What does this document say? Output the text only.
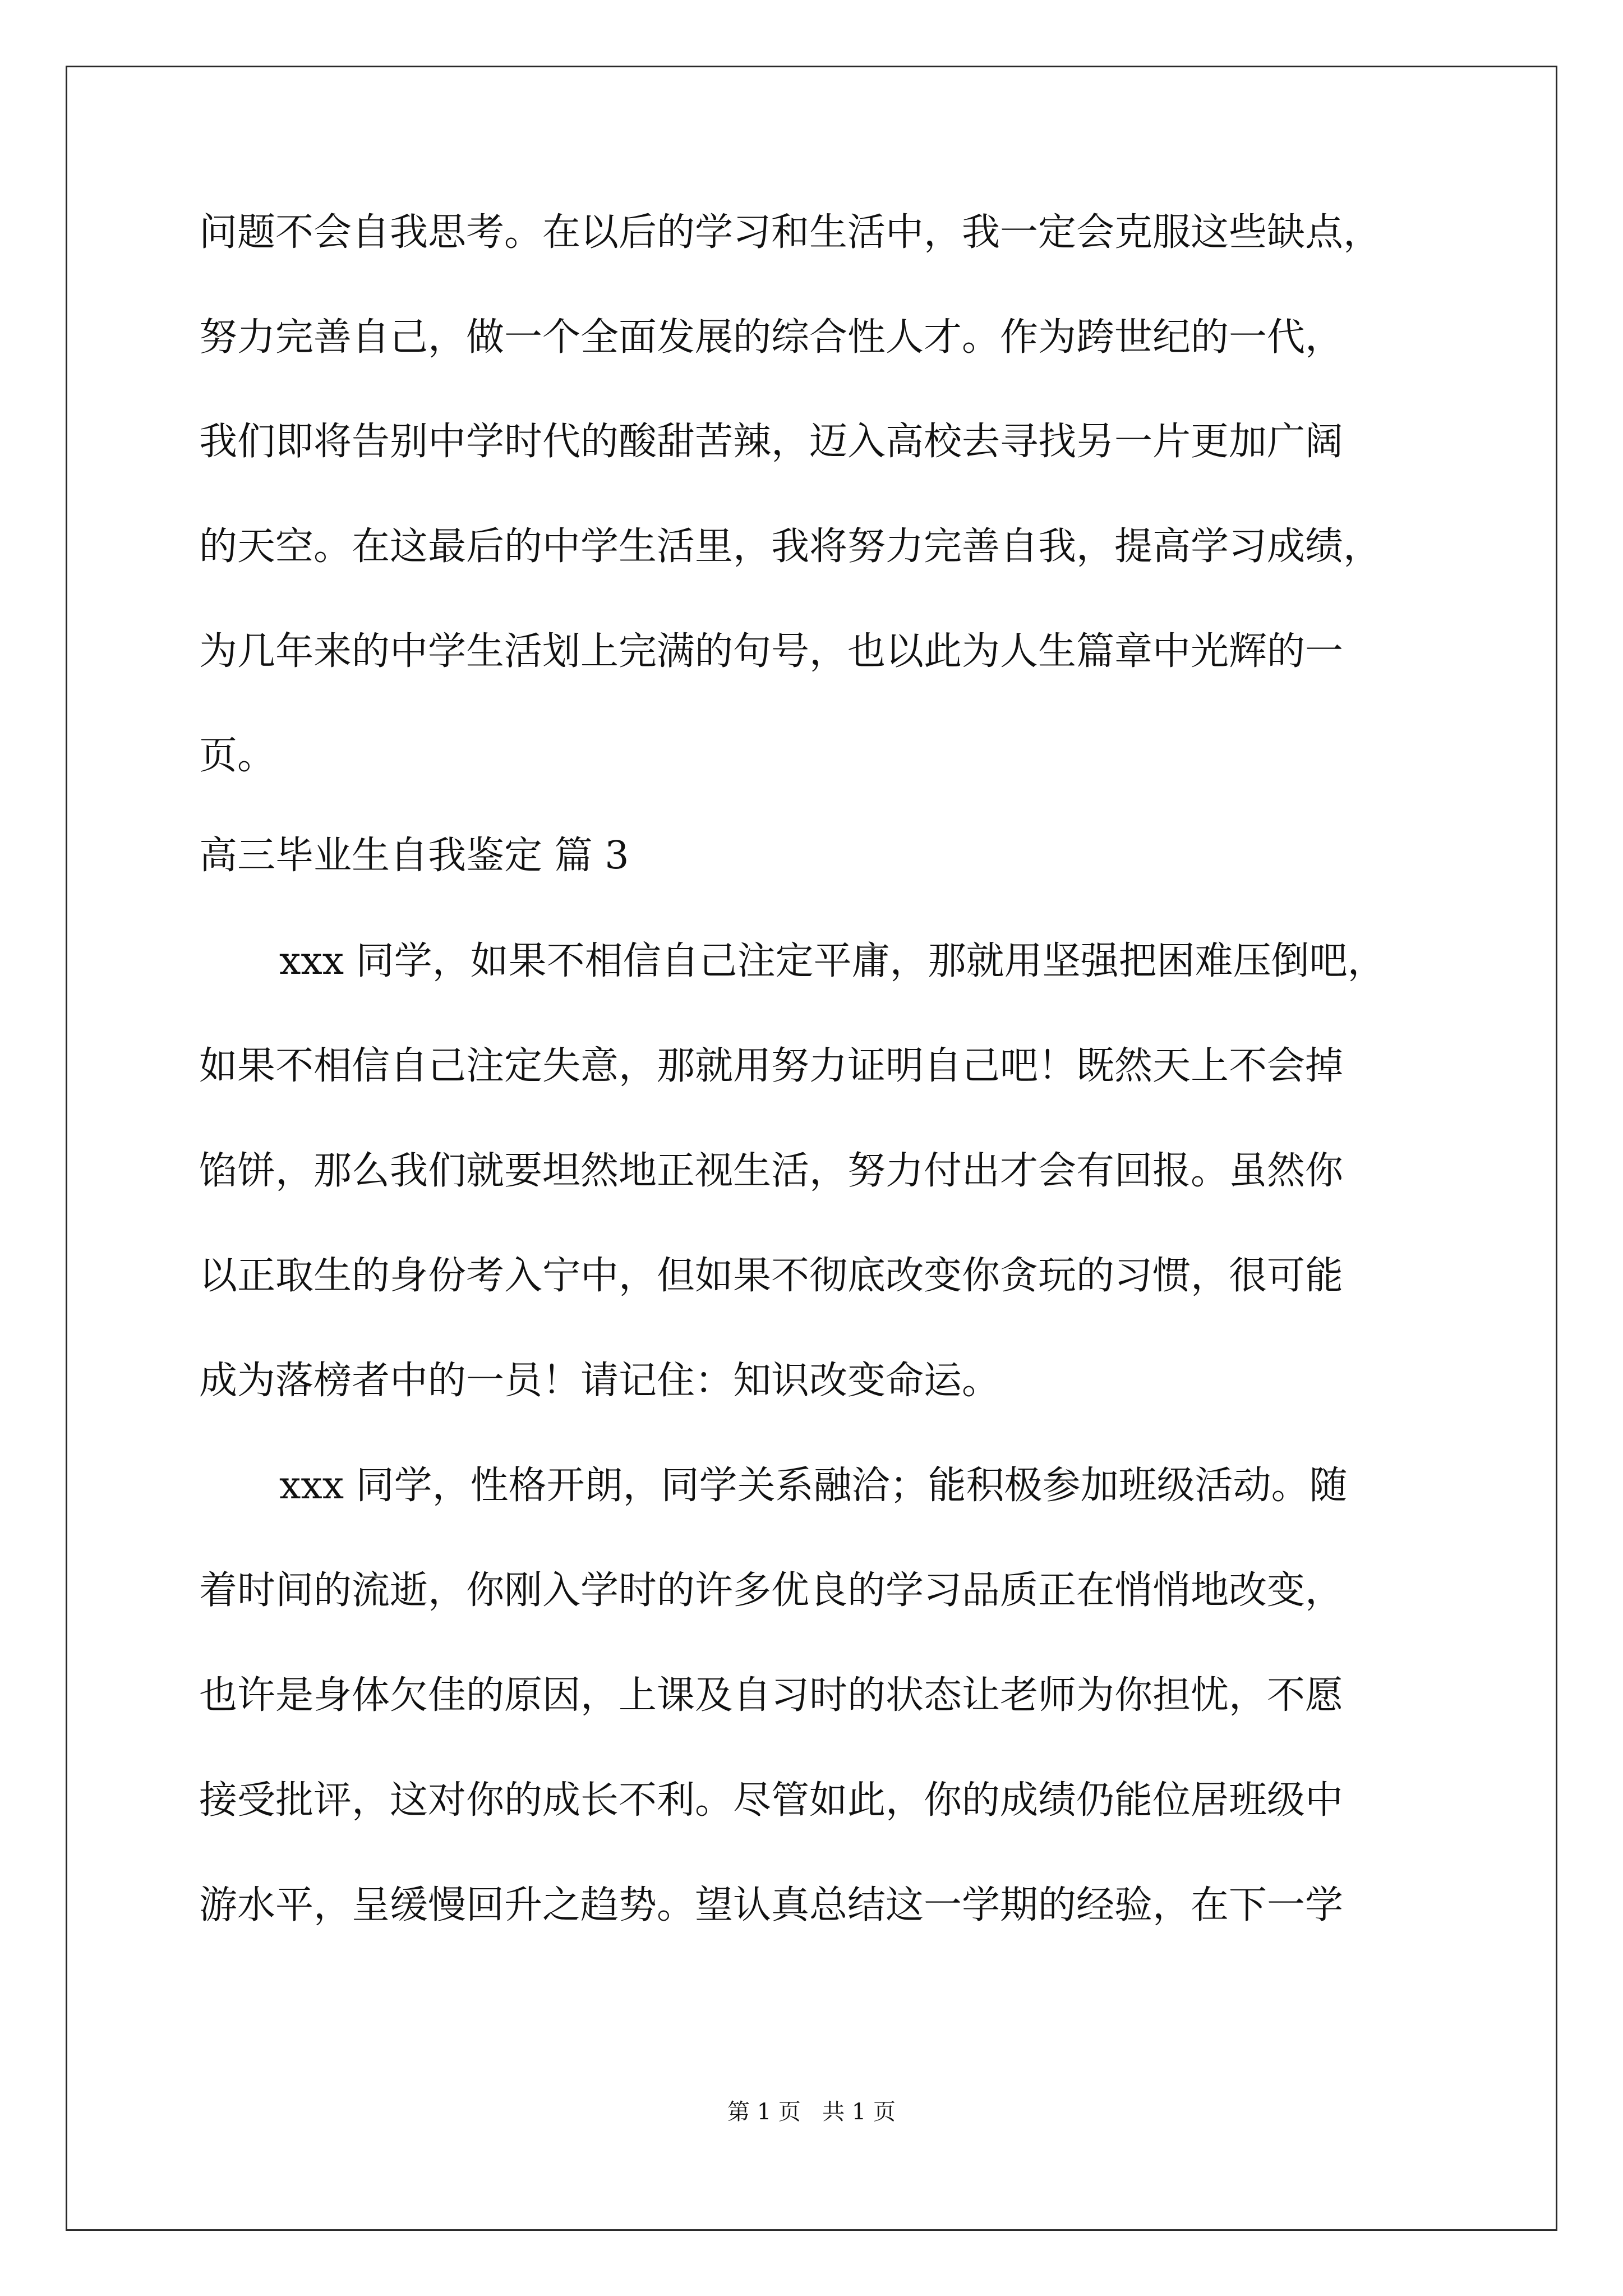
问题不会自我思考。在以后的学习和生活中，我一定会克服这些缺点，

努力完善自己，做一个全面发展的综合性人才。作为跨世纪的一代，

我们即将告别中学时代的酸甜苦辣，迈入高校去寻找另一片更加广阔

的天空。在这最后的中学生活里，我将努力完善自我，提高学习成绩，

为几年来的中学生活划上完满的句号，也以此为人生篇章中光辉的一

页。

高三毕业生自我鉴定 篇 3

xxx 同学，如果不相信自己注定平庸，那就用坚强把困难压倒吧，

如果不相信自己注定失意，那就用努力证明自己吧！既然天上不会掉

馅饼，那么我们就要坦然地正视生活，努力付出才会有回报。虽然你

以正取生的身份考入宁中，但如果不彻底改变你贪玩的习惯，很可能

成为落榜者中的一员！请记住：知识改变命运。

xxx 同学，性格开朗，同学关系融洽；能积极参加班级活动。随

着时间的流逝，你刚入学时的许多优良的学习品质正在悄悄地改变，

也许是身体欠佳的原因，上课及自习时的状态让老师为你担忧，不愿

接受批评，这对你的成长不利。尽管如此，你的成绩仍能位居班级中

游水平，呈缓慢回升之趋势。望认真总结这一学期的经验，在下一学

第 1 页   共 1 页
